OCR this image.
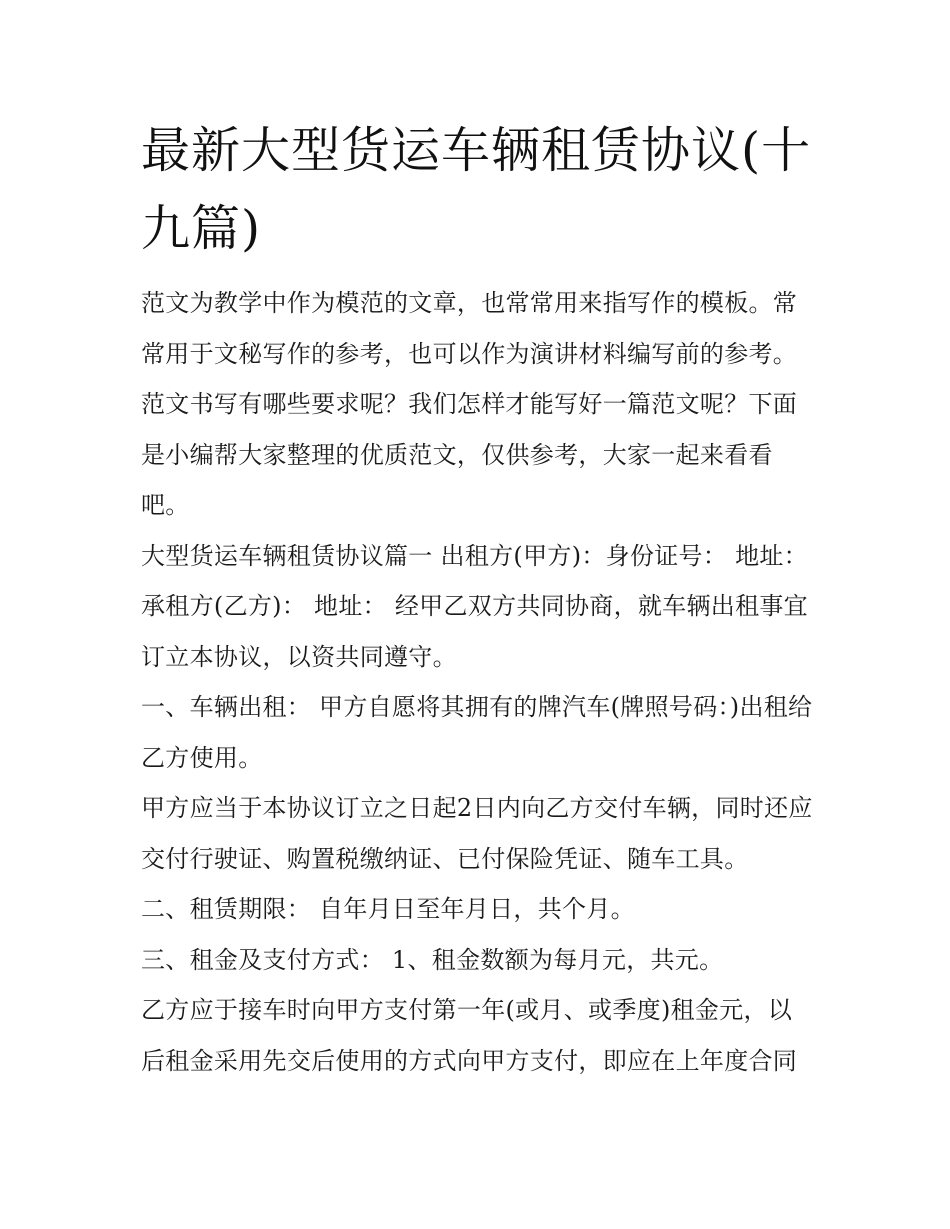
最新大型货运车辆租赁协议(十九篇)

范文为教学中作为模范的文章，也常常用来指写作的模板。常常用于文秘写作的参考，也可以作为演讲材料编写前的参考。范文书写有哪些要求呢？我们怎样才能写好一篇范文呢？下面是小编帮大家整理的优质范文，仅供参考，大家一起来看看吧。

大型货运车辆租赁协议篇一 出租方(甲方)：身份证号： 地址： 承租方(乙方)： 地址： 经甲乙双方共同协商，就车辆出租事宜订立本协议，以资共同遵守。

一、车辆出租： 甲方自愿将其拥有的牌汽车(牌照号码：)出租给乙方使用。

甲方应当于本协议订立之日起2日内向乙方交付车辆，同时还应交付行驶证、购置税缴纳证、已付保险凭证、随车工具。

二、租赁期限： 自年月日至年月日，共个月。

三、租金及支付方式： 1、租金数额为每月元，共元。

乙方应于接车时向甲方支付第一年(或月、或季度)租金元，以后租金采用先交后使用的方式向甲方支付，即应在上年度合同
